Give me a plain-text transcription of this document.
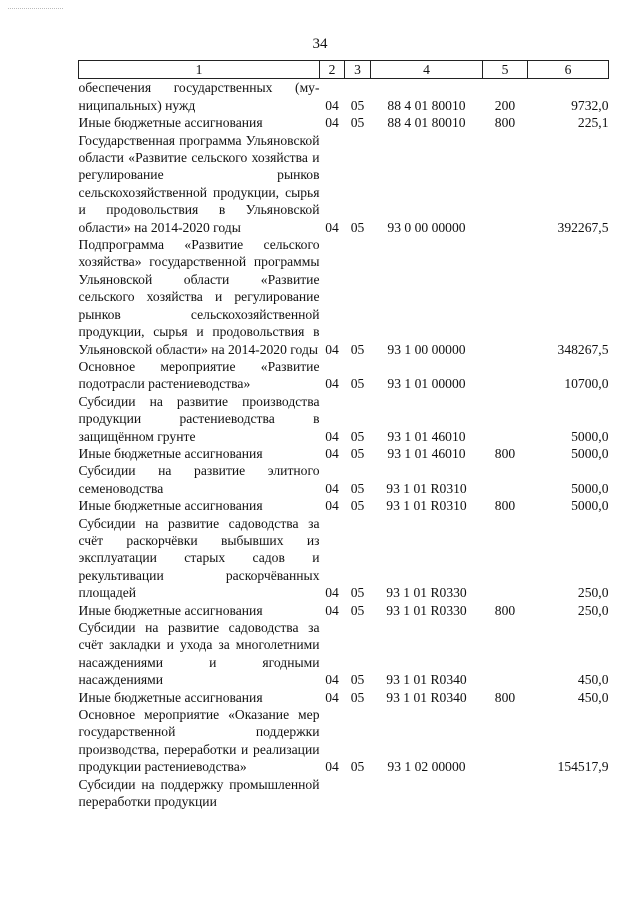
34
1	2	3	4	5	6
обеспечения государственных (му-ниципальных) нужд	04	05	88 4 01 80010	200	9732,0
Иные бюджетные ассигнования	04	05	88 4 01 80010	800	225,1
Государственная программа Ульяновской области «Развитие сельского хозяйства и регулирование рынков сельскохозяйственной продукции, сырья и продовольствия в Ульяновской области» на 2014-2020 годы	04	05	93 0 00 00000		392267,5
Подпрограмма «Развитие сельского хозяйства» государственной программы Ульяновской области «Развитие сельского хозяйства и регулирование рынков сельскохозяйственной продукции, сырья и продовольствия в Ульяновской области» на 2014-2020 годы	04	05	93 1 00 00000		348267,5
Основное мероприятие «Развитие подотрасли растениеводства»	04	05	93 1 01 00000		10700,0
Субсидии на развитие производства продукции растениеводства в защищённом грунте	04	05	93 1 01 46010		5000,0
Иные бюджетные ассигнования	04	05	93 1 01 46010	800	5000,0
Субсидии на развитие элитного семеноводства	04	05	93 1 01 R0310		5000,0
Иные бюджетные ассигнования	04	05	93 1 01 R0310	800	5000,0
Субсидии на развитие садоводства за счёт раскорчёвки выбывших из эксплуатации старых садов и рекультивации раскорчёванных площадей	04	05	93 1 01 R0330		250,0
Иные бюджетные ассигнования	04	05	93 1 01 R0330	800	250,0
Субсидии на развитие садоводства за счёт закладки и ухода за многолетними насаждениями и ягодными насаждениями	04	05	93 1 01 R0340		450,0
Иные бюджетные ассигнования	04	05	93 1 01 R0340	800	450,0
Основное мероприятие «Оказание мер государственной поддержки производства, переработки и реализации продукции растениеводства»	04	05	93 1 02 00000		154517,9
Субсидии на поддержку промышленной переработки продукции					
